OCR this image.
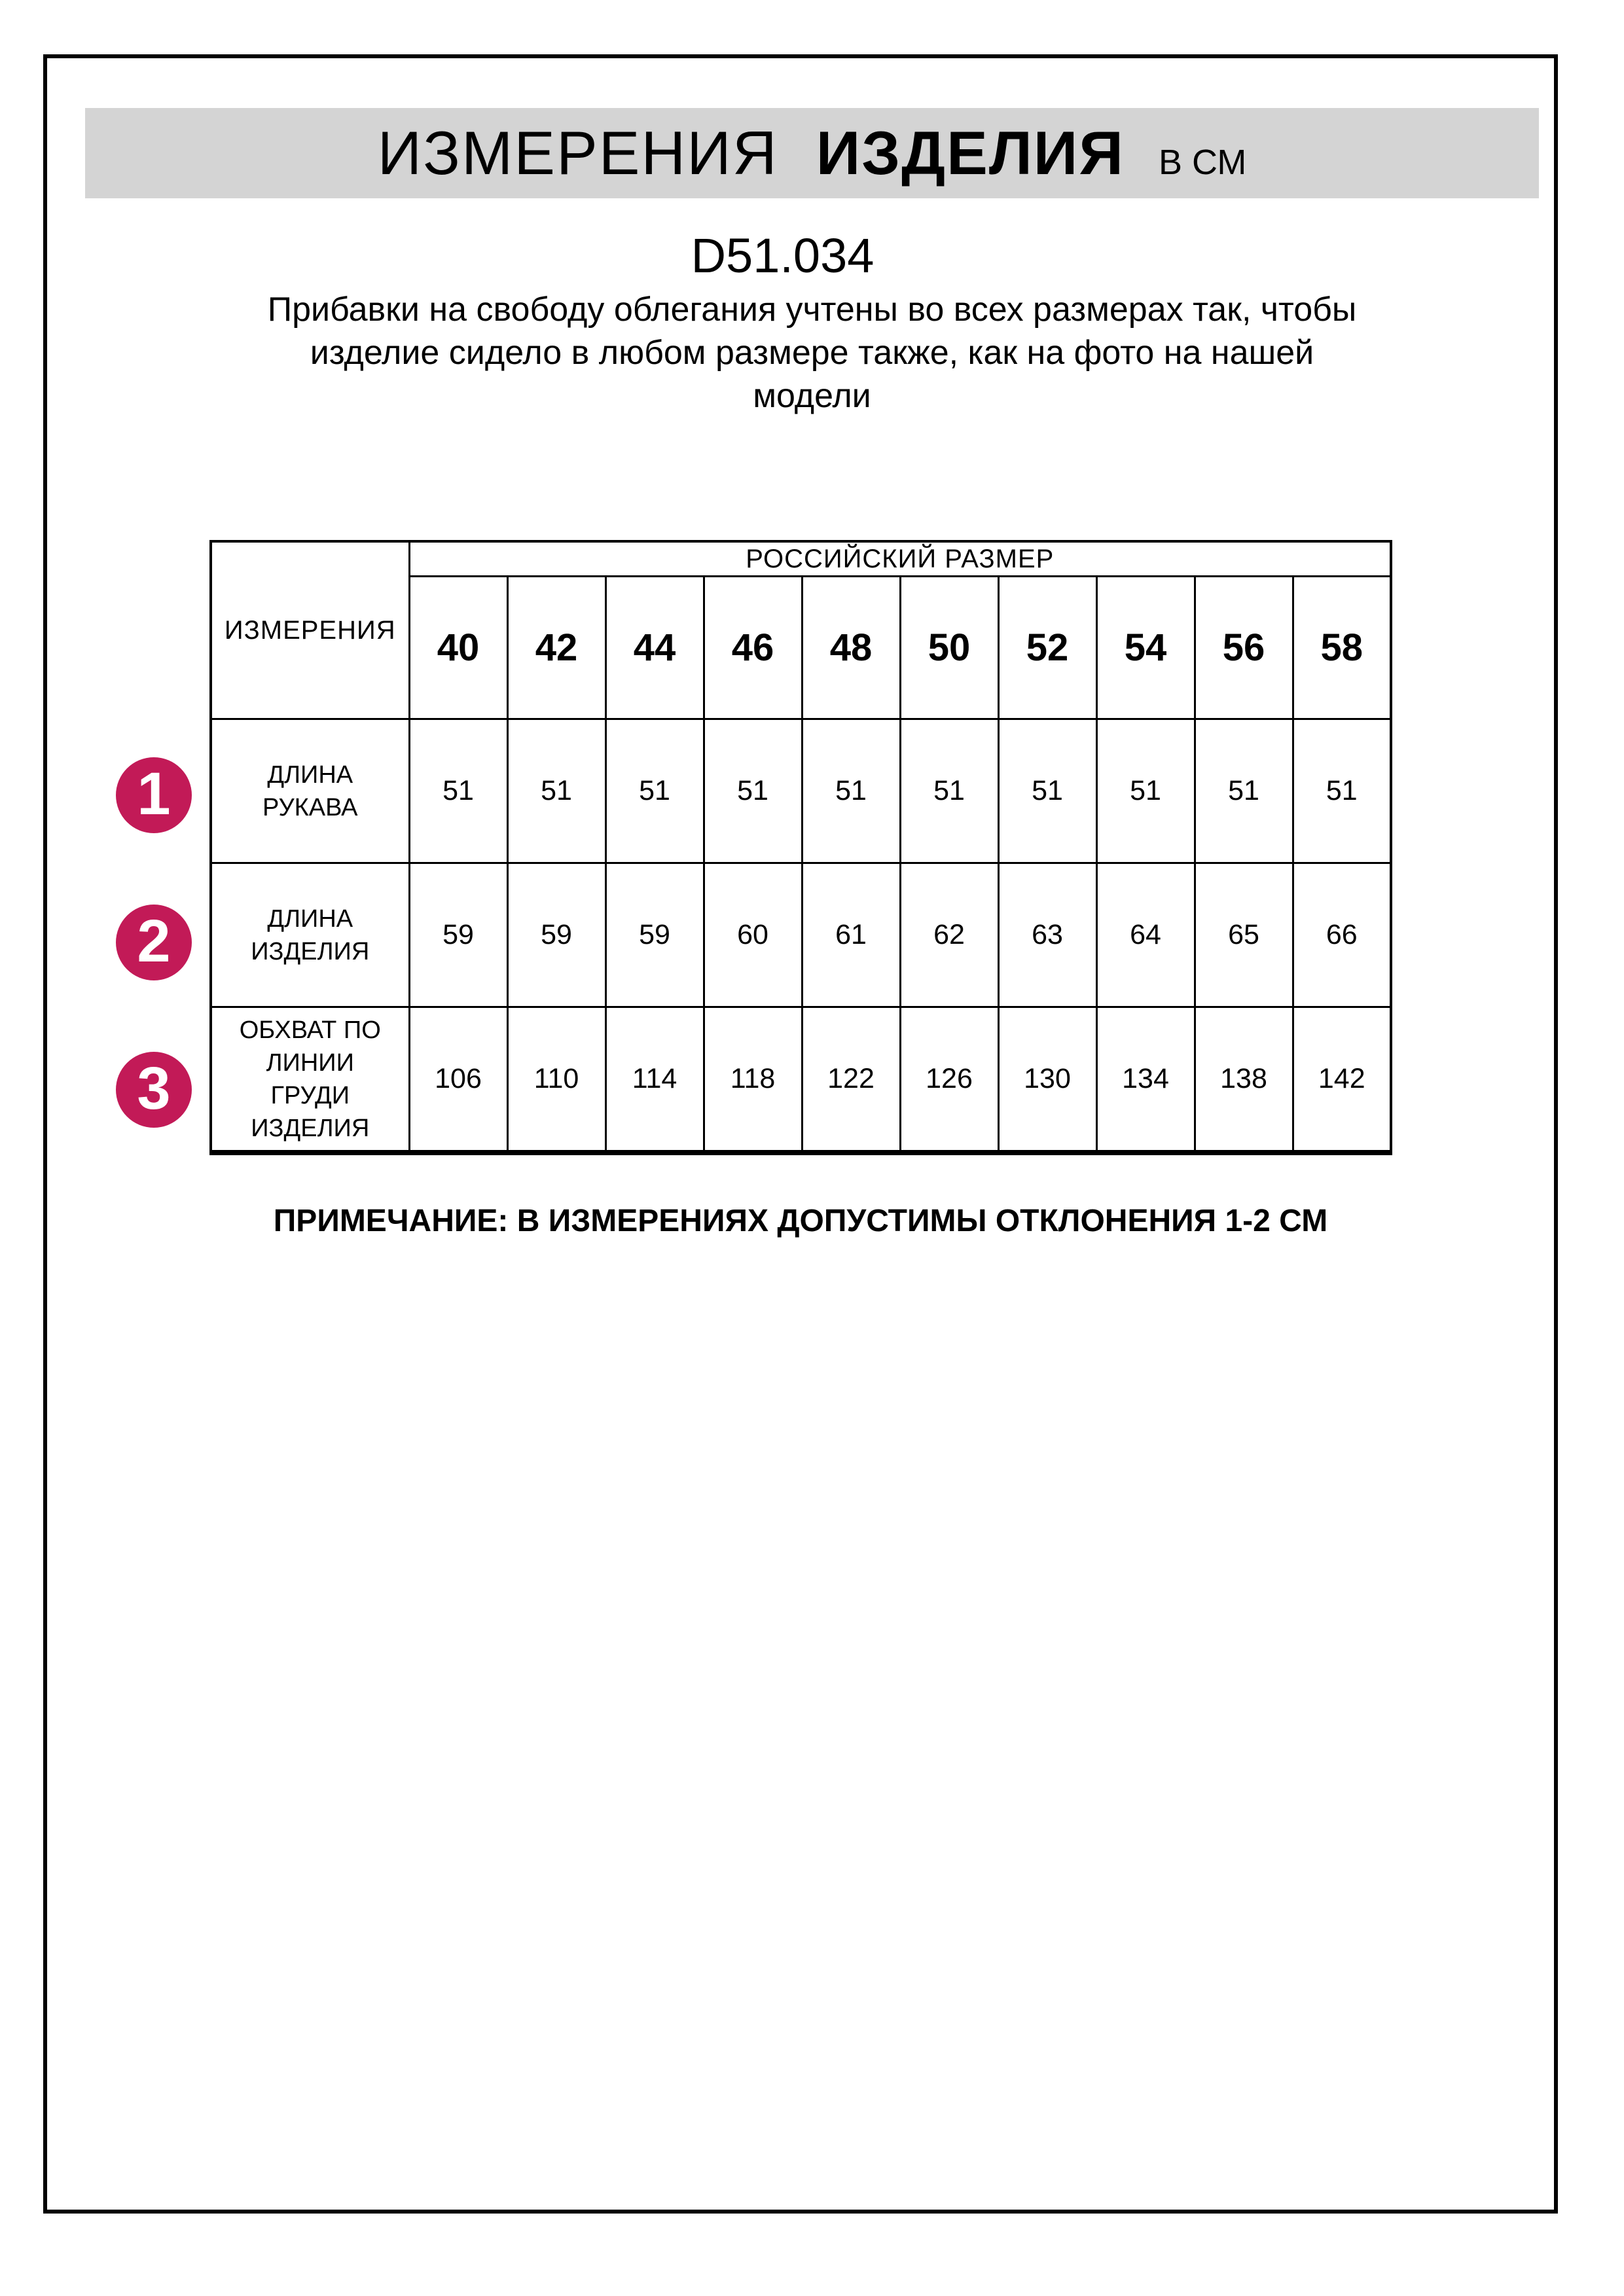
ИЗМЕРЕНИЯ ИЗДЕЛИЯ В СМ
D51.034
Прибавки на свободу облегания учтены во всех размерах так, чтобы
изделие сидело в любом размере также, как на фото на нашей
модели
ИЗМЕРЕНИЯ	РОССИЙСКИЙ РАЗМЕР									
	40	42	44	46	48	50	52	54	56	58

ДЛИНА
РУКАВА	51	51	51	51	51	51	51	51	51	51

ДЛИНА
ИЗДЕЛИЯ	59	59	59	60	61	62	63	64	65	66

ОБХВАТ ПО
ЛИНИИ
ГРУДИ
ИЗДЕЛИЯ	106	110	114	118	122	126	130	134	138	142
1
2
3
ПРИМЕЧАНИЕ: В ИЗМЕРЕНИЯХ ДОПУСТИМЫ ОТКЛОНЕНИЯ 1-2 СМ
